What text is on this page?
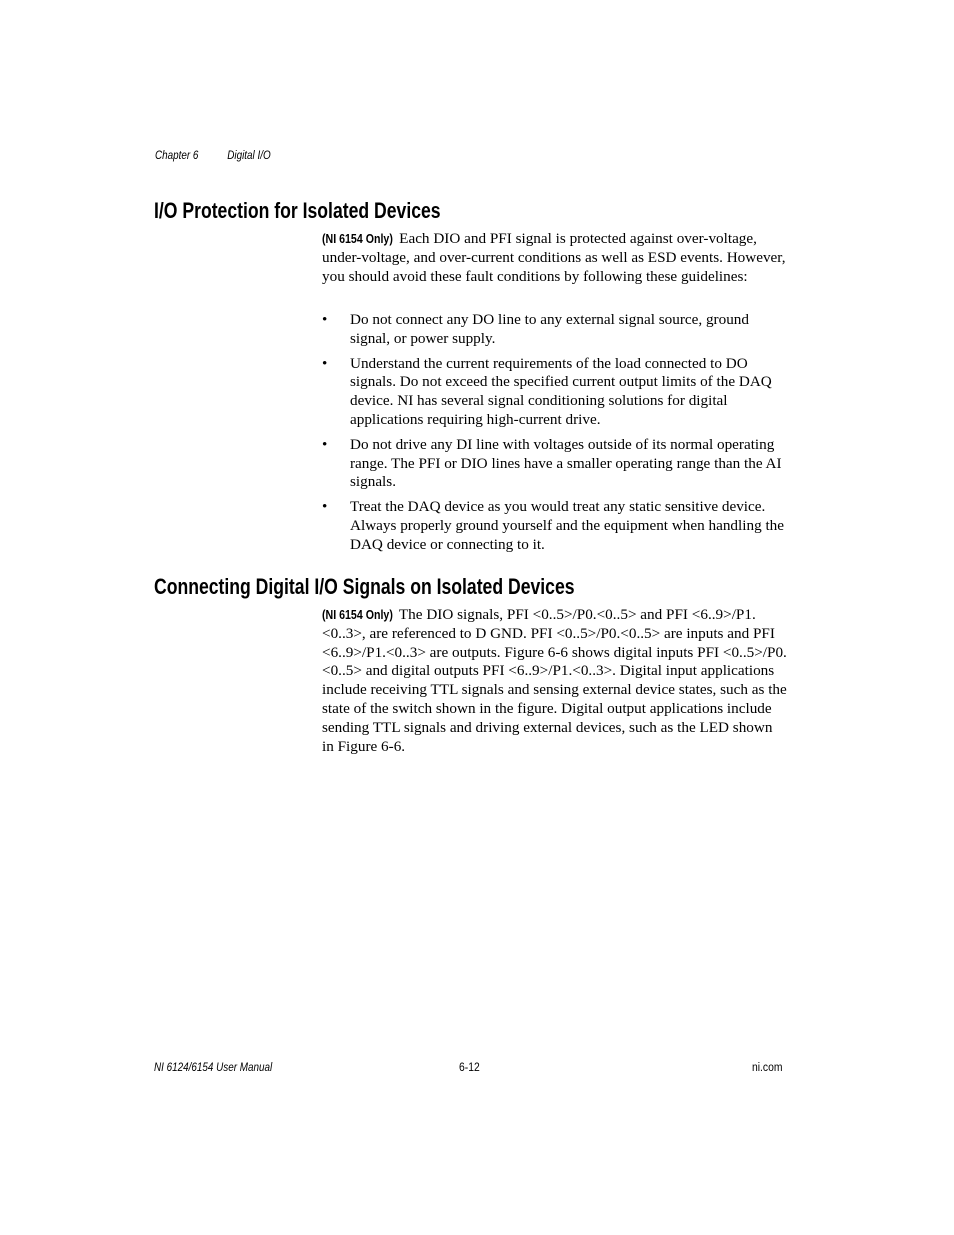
Chapter 6	Digital I/O
I/O Protection for Isolated Devices

(NI 6154 Only) Each DIO and PFI signal is protected against over-voltage, under-voltage, and over-current conditions as well as ESD events. However, you should avoid these fault conditions by following these guidelines:

• Do not connect any DO line to any external signal source, ground signal, or power supply.
• Understand the current requirements of the load connected to DO signals. Do not exceed the specified current output limits of the DAQ device. NI has several signal conditioning solutions for digital applications requiring high-current drive.
• Do not drive any DI line with voltages outside of its normal operating range. The PFI or DIO lines have a smaller operating range than the AI signals.
• Treat the DAQ device as you would treat any static sensitive device. Always properly ground yourself and the equipment when handling the DAQ device or connecting to it.
Connecting Digital I/O Signals on Isolated Devices

(NI 6154 Only) The DIO signals, PFI <0..5>/P0.<0..5> and PFI <6..9>/P1.<0..3>, are referenced to D GND. PFI <0..5>/P0.<0..5> are inputs and PFI <6..9>/P1.<0..3> are outputs. Figure 6-6 shows digital inputs PFI <0..5>/P0.<0..5> and digital outputs PFI <6..9>/P1.<0..3>. Digital input applications include receiving TTL signals and sensing external device states, such as the state of the switch shown in the figure. Digital output applications include sending TTL signals and driving external devices, such as the LED shown in Figure 6-6.

NI 6124/6154 User Manual	6-12	ni.com
